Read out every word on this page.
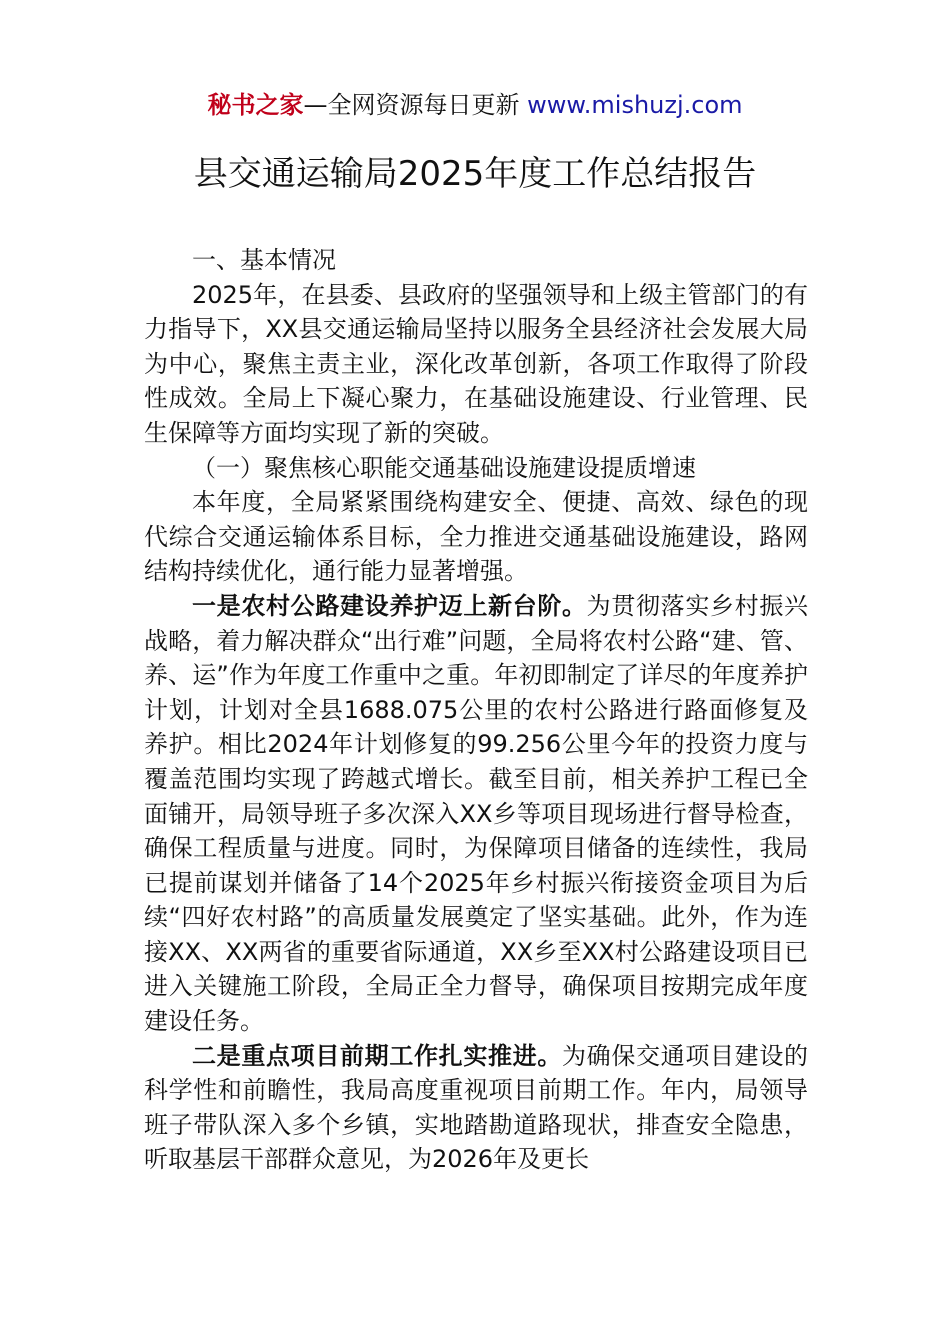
秘书之家—全网资源每日更新 www.mishuzj.com
县交通运输局2025年度工作总结报告

一、基本情况

2025年，在县委、县政府的坚强领导和上级主管部门的有力指导下，XX县交通运输局坚持以服务全县经济社会发展大局为中心，聚焦主责主业，深化改革创新，各项工作取得了阶段性成效。全局上下凝心聚力，在基础设施建设、行业管理、民生保障等方面均实现了新的突破。

（一）聚焦核心职能交通基础设施建设提质增速

本年度，全局紧紧围绕构建安全、便捷、高效、绿色的现代综合交通运输体系目标，全力推进交通基础设施建设，路网结构持续优化，通行能力显著增强。

一是农村公路建设养护迈上新台阶。为贯彻落实乡村振兴战略，着力解决群众“出行难”问题，全局将农村公路“建、管、养、运”作为年度工作重中之重。年初即制定了详尽的年度养护计划，计划对全县1688.075公里的农村公路进行路面修复及养护。相比2024年计划修复的99.256公里今年的投资力度与覆盖范围均实现了跨越式增长。截至目前，相关养护工程已全面铺开，局领导班子多次深入XX乡等项目现场进行督导检查，确保工程质量与进度。同时，为保障项目储备的连续性，我局已提前谋划并储备了14个2025年乡村振兴衔接资金项目为后续“四好农村路”的高质量发展奠定了坚实基础。此外，作为连接XX、XX两省的重要省际通道，XX乡至XX村公路建设项目已进入关键施工阶段，全局正全力督导，确保项目按期完成年度建设任务。

二是重点项目前期工作扎实推进。为确保交通项目建设的科学性和前瞻性，我局高度重视项目前期工作。年内，局领导班子带队深入多个乡镇，实地踏勘道路现状，排查安全隐患，听取基层干部群众意见，为2026年及更长
